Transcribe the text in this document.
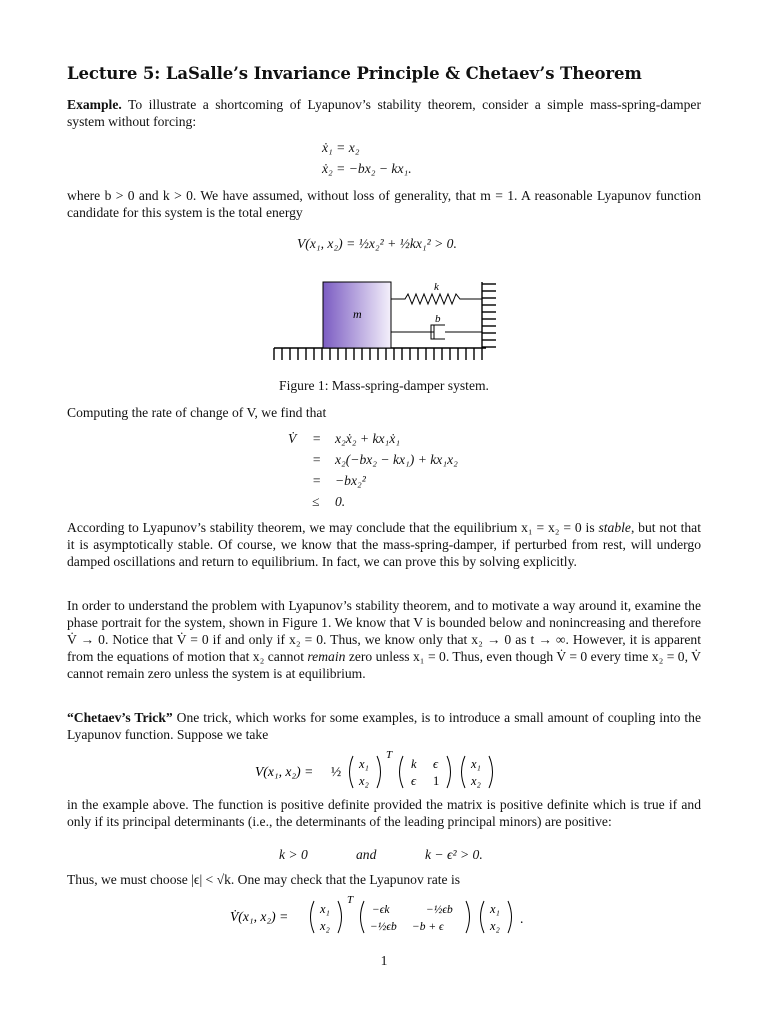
Lecture 5: LaSalle’s Invariance Principle & Chetaev’s Theorem
Example. To illustrate a shortcoming of Lyapunov’s stability theorem, consider a simple mass-spring-damper system without forcing:
ẋ₁ = x₂
ẋ₂ = −bx₂ − kx₁.
where b > 0 and k > 0. We have assumed, without loss of generality, that m = 1. A reasonable Lyapunov function candidate for this system is the total energy
V(x₁, x₂) = ½x₂² + ½kx₁² > 0.
m
k
b
Figure 1: Mass-spring-damper system.
Computing the rate of change of V, we find that
V̇ = x₂ẋ₂ + kx₁ẋ₁
= x₂(−bx₂ − kx₁) + kx₁x₂
= −bx₂²
≤ 0.
According to Lyapunov’s stability theorem, we may conclude that the equilibrium x₁ = x₂ = 0 is stable, but not that it is asymptotically stable. Of course, we know that the mass-spring-damper, if perturbed from rest, will undergo damped oscillations and return to equilibrium. In fact, we can prove this by solving explicitly.
In order to understand the problem with Lyapunov’s stability theorem, and to motivate a way around it, examine the phase portrait for the system, shown in Figure 1. We know that V is bounded below and nonincreasing and therefore V̇ → 0. Notice that V̇ = 0 if and only if x₂ = 0. Thus, we know only that x₂ → 0 as t → ∞. However, it is apparent from the equations of motion that x₂ cannot remain zero unless x₁ = 0. Thus, even though V̇ = 0 every time x₂ = 0, V̇ cannot remain zero unless the system is at equilibrium.
“Chetaev’s Trick” One trick, which works for some examples, is to introduce a small amount of coupling into the Lyapunov function. Suppose we take
V(x₁, x₂) = ½ x₁
x₂
T
k ϵ
ϵ 1
x₁
x₂
in the example above. The function is positive definite provided the matrix is positive definite which is true if and only if its principal determinants (i.e., the determinants of the leading principal minors) are positive:
k > 0	and	k − ϵ² > 0.
Thus, we must choose |ϵ| < √k. One may check that the Lyapunov rate is
V̇(x₁, x₂) =	x₁
x₂
T
−ϵk	−½ϵb
−½ϵb −b + ϵ
x₁
x₂ .
1
